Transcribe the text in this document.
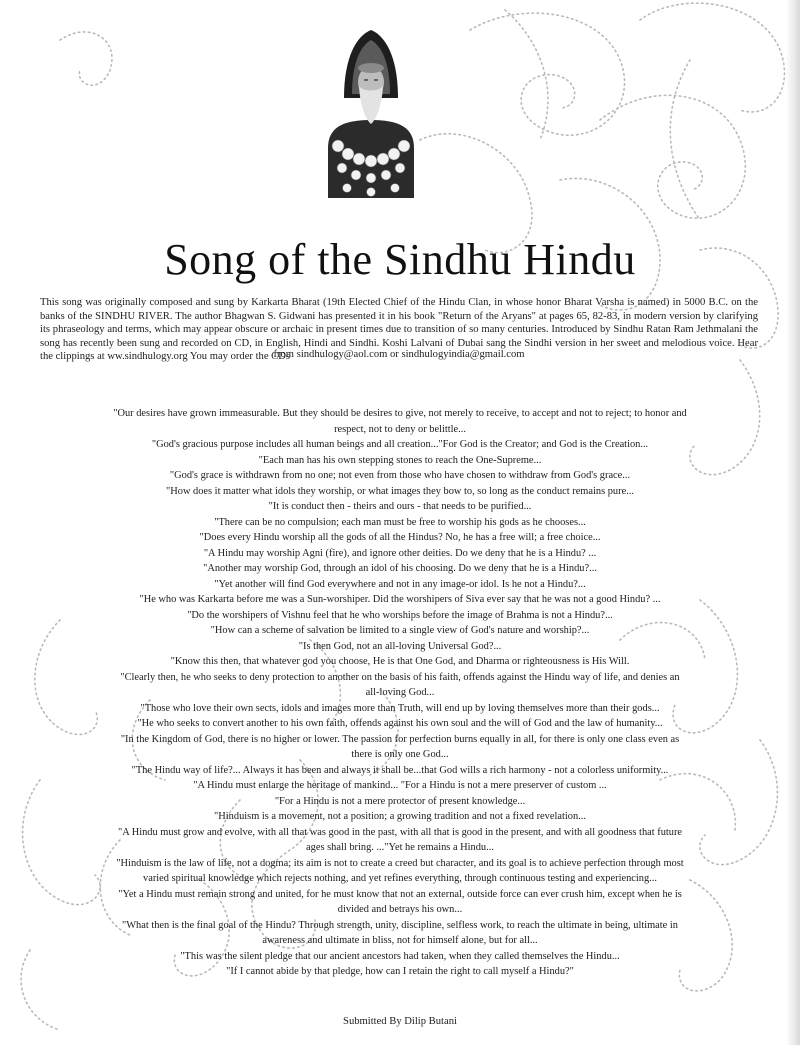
Song of the Sindhu Hindu
This song was originally composed and sung by Karkarta Bharat (19th Elected Chief of the Hindu Clan, in whose honor Bharat Varsha is named) in 5000 B.C. on the banks of the SINDHU RIVER. The author Bhagwan S. Gidwani has presented it in his book "Return of the Aryans" at pages 65, 82-83, in modern version by clarifying its phraseology and terms, which may appear obscure or archaic in present times due to transition of so many centuries. Introduced by Sindhu Ratan Ram Jethmalani the song has recently been sung and recorded on CD, in English, Hindi and Sindhi. Koshi Lalvani of Dubai sang the Sindhi version in her sweet and melodious voice. Hear the clippings at ww.sindhulogy.org You may order the CDs
from sindhulogy@aol.com or sindhulogyindia@gmail.com
"Our desires have grown immeasurable. But they should be desires to give, not merely to receive, to accept and not to reject; to honor and
respect, not to deny or belittle...
"God's gracious purpose includes all human beings and all creation..."For God is the Creator; and God is the Creation...
"Each man has his own stepping stones to reach the One-Supreme...
"God's grace is withdrawn from no one; not even from those who have chosen to withdraw from God's grace...
"How does it matter what idols they worship, or what images they bow to, so long as the conduct remains pure...
"It is conduct then - theirs and ours - that needs to be purified...
"There can be no compulsion; each man must be free to worship his gods as he chooses...
"Does every Hindu worship all the gods of all the Hindus? No, he has a free will; a free choice...
"A Hindu may worship Agni (fire), and ignore other deities. Do we deny that he is a Hindu? ...
"Another may worship God, through an idol of his choosing. Do we deny that he is a Hindu?...
"Yet another will find God everywhere and not in any image-or idol. Is he not a Hindu?...
"He who was Karkarta before me was a Sun-worshiper. Did the worshipers of Siva ever say that he was not a good Hindu? ...
"Do the worshipers of Vishnu feel that he who worships before the image of Brahma is not a Hindu?...
"How can a scheme of salvation be limited to a single view of God's nature and worship?...
"Is then God, not an all-loving Universal God?...
"Know this then, that whatever god you choose, He is that One God, and Dharma or righteousness is His Will.
"Clearly then, he who seeks to deny protection to another on the basis of his faith, offends against the Hindu way of life, and denies an
all-loving God...
"Those who love their own sects, idols and images more than Truth, will end up by loving themselves more than their gods...
"He who seeks to convert another to his own faith, offends against his own soul and the will of God and the law of humanity...
"In the Kingdom of God, there is no higher or lower. The passion for perfection burns equally in all, for there is only one class even as
there is only one God...
"The Hindu way of life?... Always it has been and always it shall be...that God wills a rich harmony - not a colorless uniformity...
"A Hindu must enlarge the heritage of mankind... "For a Hindu is not a mere preserver of custom ...
"For a Hindu is not a mere protector of present knowledge...
"Hinduism is a movement, not a position; a growing tradition and not a fixed revelation...
"A Hindu must grow and evolve, with all that was good in the past, with all that is good in the present, and with all goodness that future
ages shall bring. ..."Yet he remains a Hindu...
"Hinduism is the law of life, not a dogma; its aim is not to create a creed but character, and its goal is to achieve perfection through most
varied spiritual knowledge which rejects nothing, and yet refines everything, through continuous testing and experiencing...
"Yet a Hindu must remain strong and united, for he must know that not an external, outside force can ever crush him, except when he is
divided and betrays his own...
"What then is the final goal of the Hindu? Through strength, unity, discipline, selfless work, to reach the ultimate in being, ultimate in
awareness and ultimate in bliss, not for himself alone, but for all...
"This was the silent pledge that our ancient ancestors had taken, when they called themselves the Hindu...
"If I cannot abide by that pledge, how can I retain the right to call myself a Hindu?"
Submitted By Dilip Butani
